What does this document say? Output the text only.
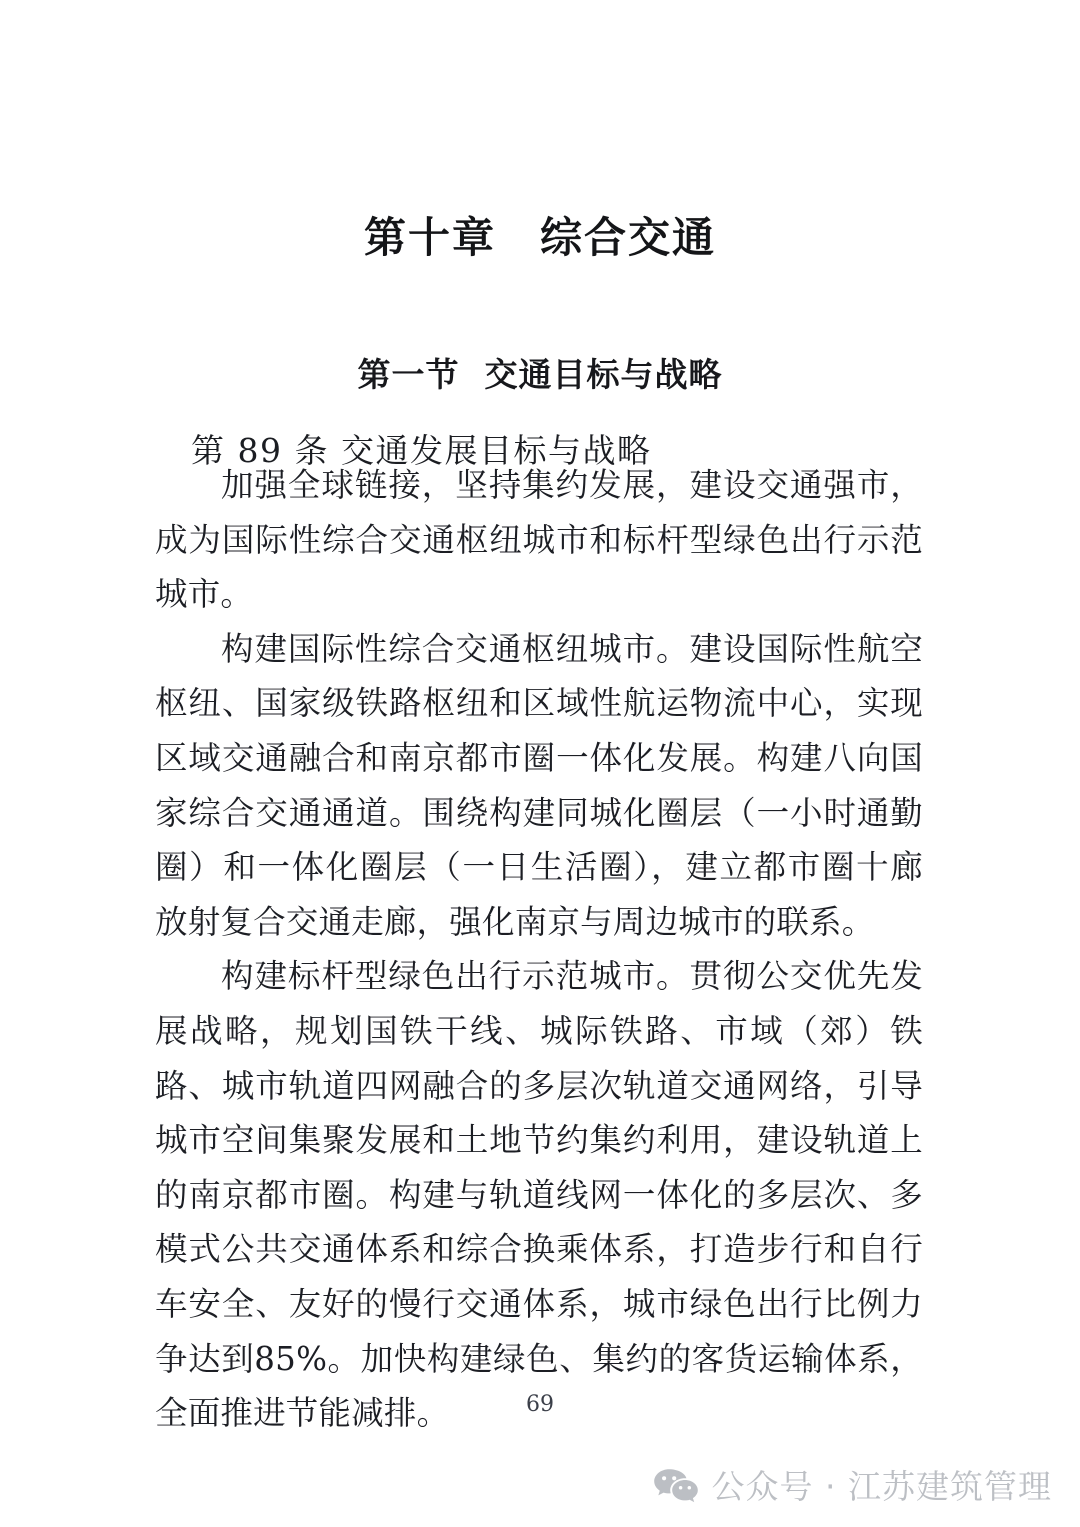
第十章　综合交通
第一节  交通目标与战略
第 89 条 交通发展目标与战略

加强全球链接，坚持集约发展，建设交通强市，成为国际性综合交通枢纽城市和标杆型绿色出行示范城市。

构建国际性综合交通枢纽城市。建设国际性航空枢纽、国家级铁路枢纽和区域性航运物流中心，实现区域交通融合和南京都市圈一体化发展。构建八向国家综合交通通道。围绕构建同城化圈层（一小时通勤圈）和一体化圈层（一日生活圈），建立都市圈十廊放射复合交通走廊，强化南京与周边城市的联系。

构建标杆型绿色出行示范城市。贯彻公交优先发展战略，规划国铁干线、城际铁路、市域（郊）铁路、城市轨道四网融合的多层次轨道交通网络，引导城市空间集聚发展和土地节约集约利用，建设轨道上的南京都市圈。构建与轨道线网一体化的多层次、多模式公共交通体系和综合换乘体系，打造步行和自行车安全、友好的慢行交通体系，城市绿色出行比例力争达到85%。加快构建绿色、集约的客货运输体系，全面推进节能减排。	69
公众号 · 江苏建筑管理
